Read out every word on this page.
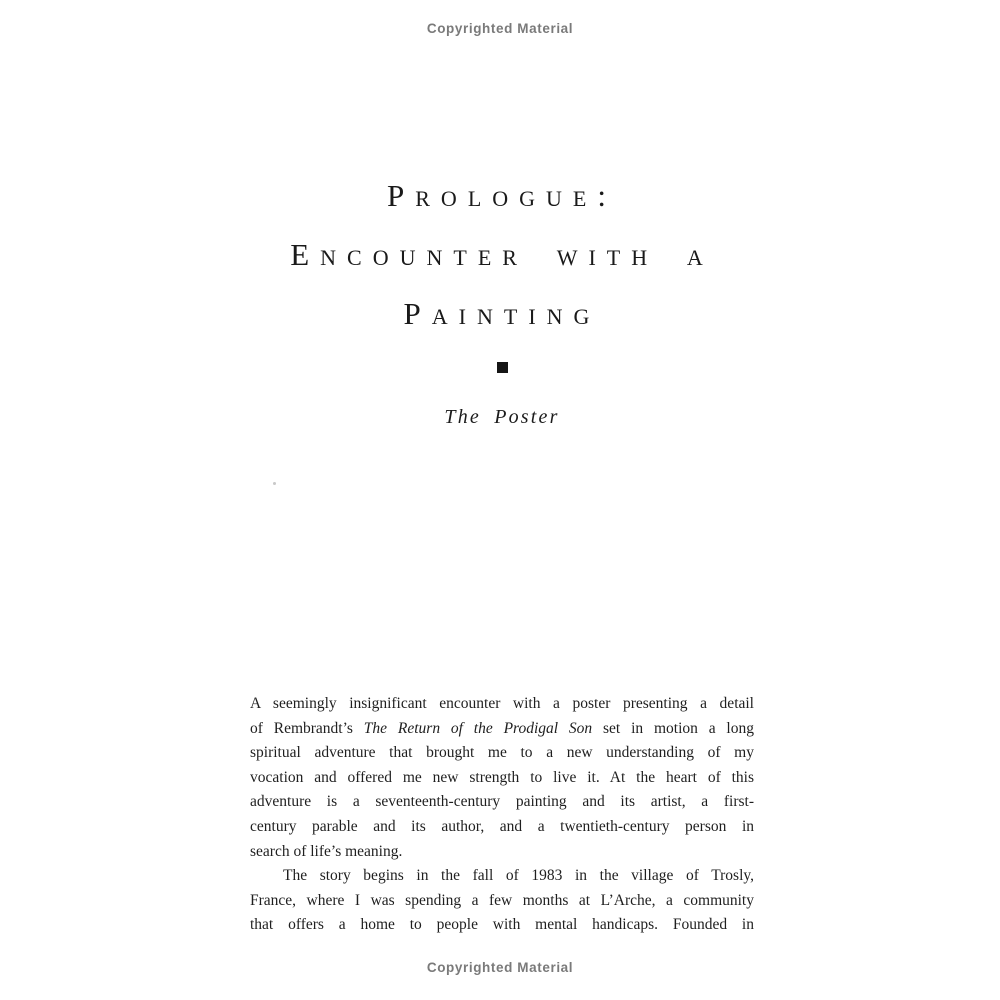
Copyrighted Material
Prologue:
Encounter with a
Painting
The Poster
A seemingly insignificant encounter with a poster presenting a detail
of Rembrandt’s The Return of the Prodigal Son set in motion a long
spiritual adventure that brought me to a new understanding of my
vocation and offered me new strength to live it. At the heart of this
adventure is a seventeenth-century painting and its artist, a first-
century parable and its author, and a twentieth-century person in
search of life’s meaning.
The story begins in the fall of 1983 in the village of Trosly,
France, where I was spending a few months at L’Arche, a community
that offers a home to people with mental handicaps. Founded in
Copyrighted Material
